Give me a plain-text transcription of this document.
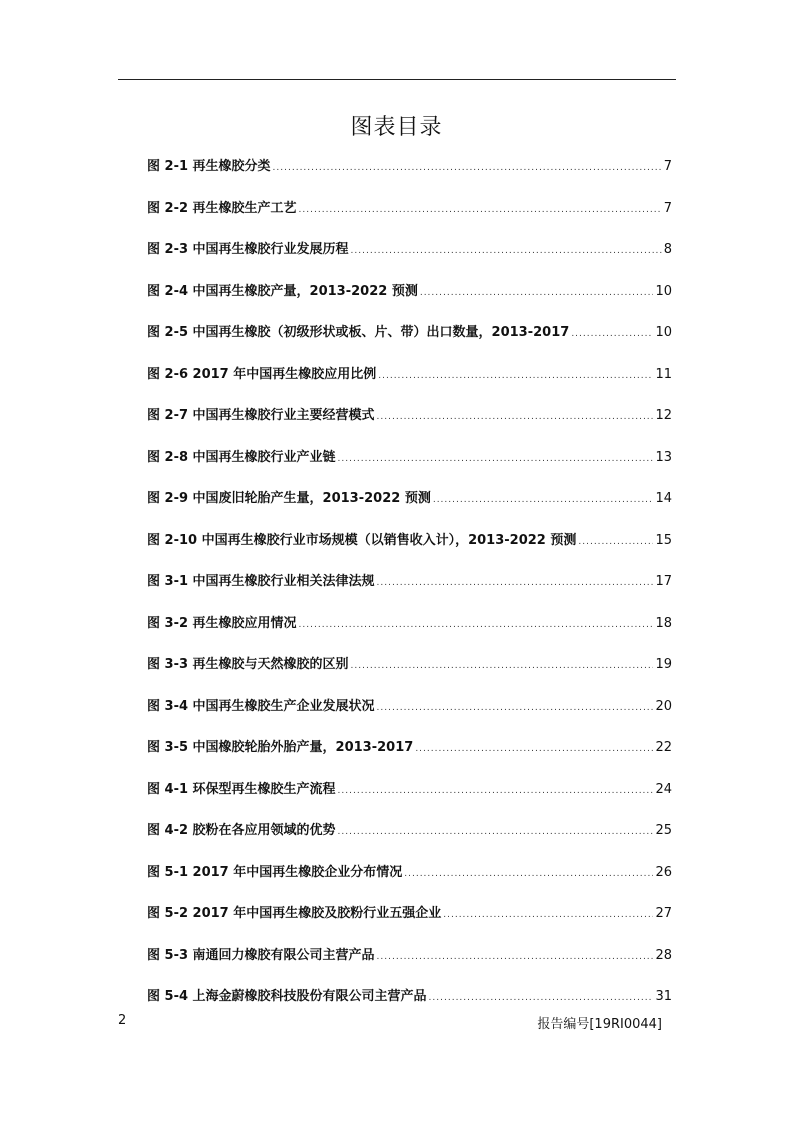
图表目录
图 2-1 再生橡胶分类 .....	7
图 2-2 再生橡胶生产工艺 .....	7
图 2-3 中国再生橡胶行业发展历程 .....	8
图 2-4 中国再生橡胶产量，2013-2022 预测 .....	10
图 2-5 中国再生橡胶（初级形状或板、片、带）出口数量，2013-2017 .....	10
图 2-6 2017 年中国再生橡胶应用比例 .....	11
图 2-7 中国再生橡胶行业主要经营模式 .....	12
图 2-8 中国再生橡胶行业产业链 .....	13
图 2-9 中国废旧轮胎产生量，2013-2022 预测 .....	14
图 2-10 中国再生橡胶行业市场规模（以销售收入计），2013-2022 预测 .....	15
图 3-1 中国再生橡胶行业相关法律法规 .....	17
图 3-2 再生橡胶应用情况 .....	18
图 3-3 再生橡胶与天然橡胶的区别 .....	19
图 3-4 中国再生橡胶生产企业发展状况 .....	20
图 3-5 中国橡胶轮胎外胎产量，2013-2017 .....	22
图 4-1 环保型再生橡胶生产流程 .....	24
图 4-2 胶粉在各应用领域的优势 .....	25
图 5-1 2017 年中国再生橡胶企业分布情况 .....	26
图 5-2 2017 年中国再生橡胶及胶粉行业五强企业 .....	27
图 5-3 南通回力橡胶有限公司主营产品 .....	28
图 5-4 上海金蔚橡胶科技股份有限公司主营产品 .....	31
2	报告编号[19RI0044]
